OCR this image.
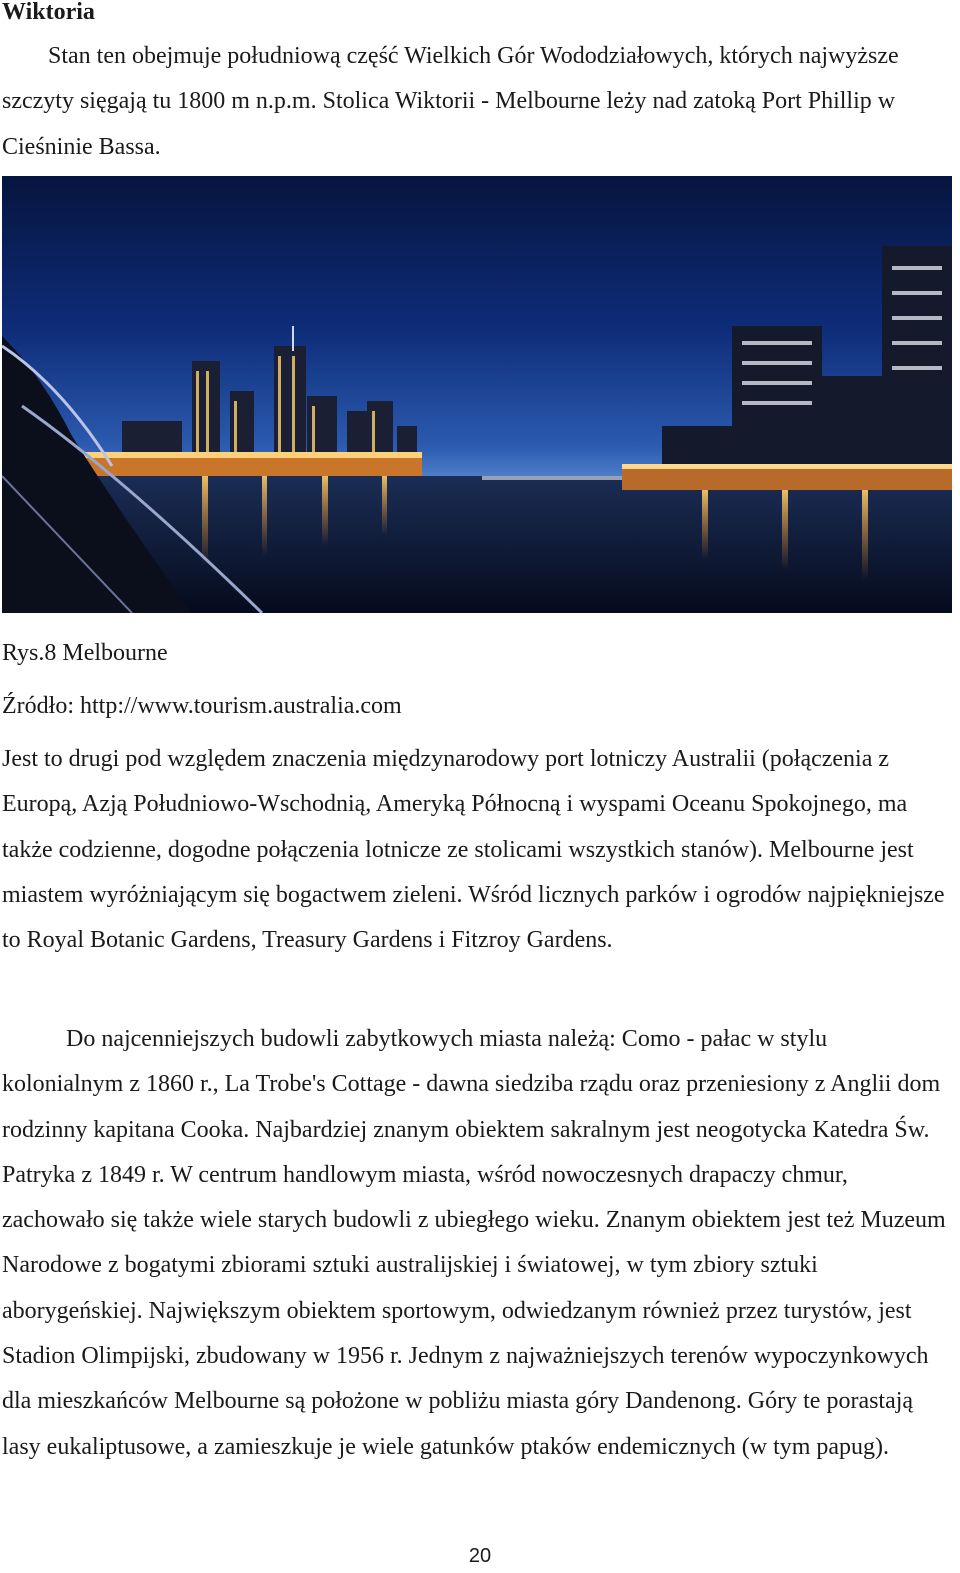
Wiktoria

Stan ten obejmuje południową część Wielkich Gór Wododziałowych, których najwyższe szczyty sięgają tu 1800 m n.p.m. Stolica Wiktorii - Melbourne leży nad zatoką Port Phillip w Cieśninie Bassa.

Rys.8 Melbourne
Źródło: http://www.tourism.australia.com

Jest to drugi pod względem znaczenia międzynarodowy port lotniczy Australii (połączenia z Europą, Azją Południowo-Wschodnią, Ameryką Północną i wyspami Oceanu Spokojnego, ma także codzienne, dogodne połączenia lotnicze ze stolicami wszystkich stanów). Melbourne jest miastem wyróżniającym się bogactwem zieleni. Wśród licznych parków i ogrodów najpiękniejsze to Royal Botanic Gardens, Treasury Gardens i Fitzroy Gardens.

Do najcenniejszych budowli zabytkowych miasta należą: Como - pałac w stylu kolonialnym z 1860 r., La Trobe's Cottage - dawna siedziba rządu oraz przeniesiony z Anglii dom rodzinny kapitana Cooka. Najbardziej znanym obiektem sakralnym jest neogotycka Katedra Św. Patryka z 1849 r. W centrum handlowym miasta, wśród nowoczesnych drapaczy chmur, zachowało się także wiele starych budowli z ubiegłego wieku. Znanym obiektem jest też Muzeum Narodowe z bogatymi zbiorami sztuki australijskiej i światowej, w tym zbiory sztuki aborygeńskiej. Największym obiektem sportowym, odwiedzanym również przez turystów, jest Stadion Olimpijski, zbudowany w 1956 r. Jednym z najważniejszych terenów wypoczynkowych dla mieszkańców Melbourne są położone w pobliżu miasta góry Dandenong. Góry te porastają lasy eukaliptusowe, a zamieszkuje je wiele gatunków ptaków endemicznych (w tym papug).

20
